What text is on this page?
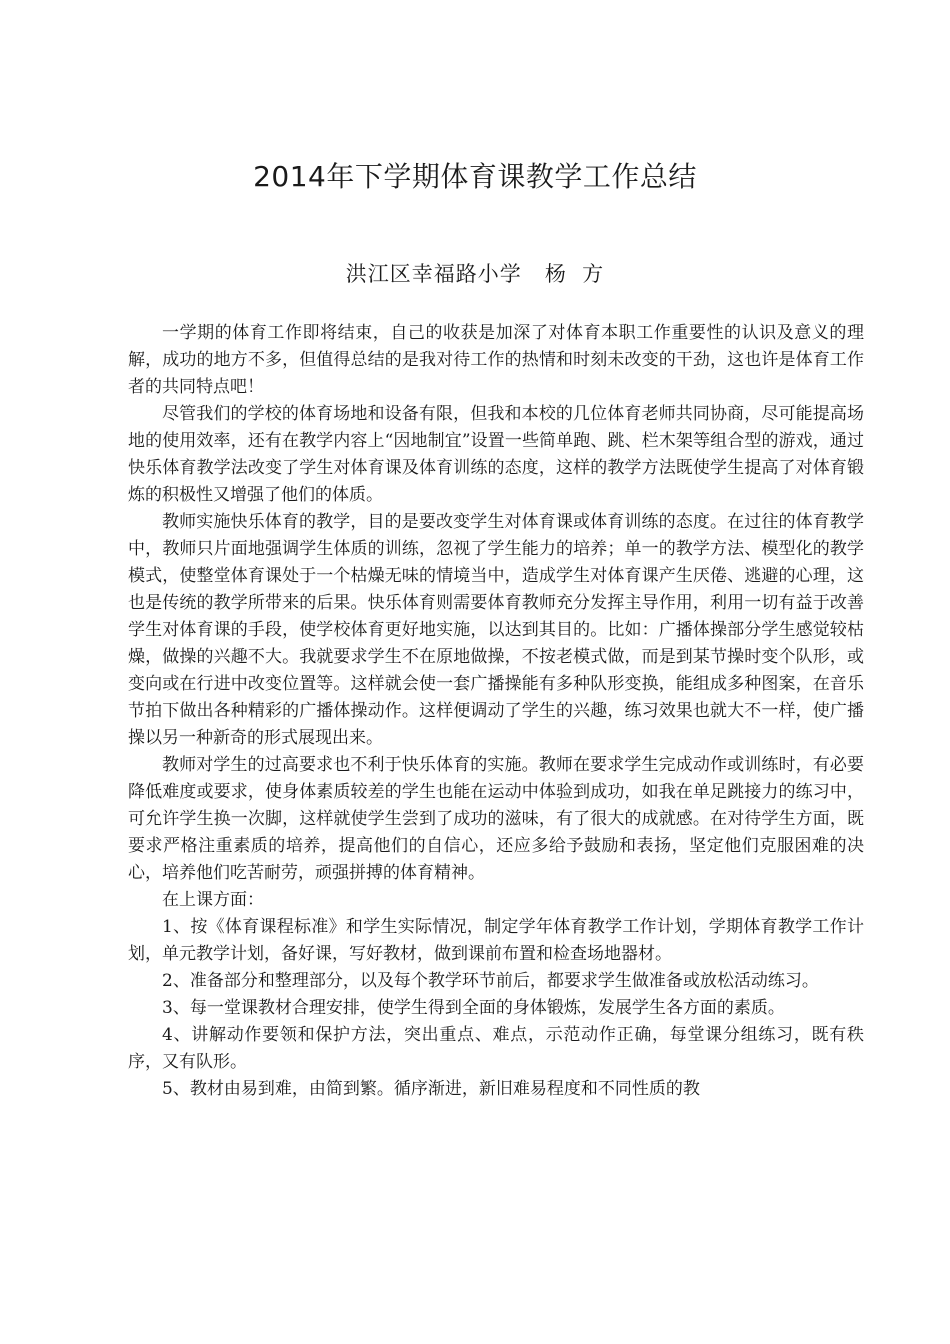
2014年下学期体育课教学工作总结
洪江区幸福路小学   杨  方

一学期的体育工作即将结束，自己的收获是加深了对体育本职工作重要性的认识及意义的理解，成功的地方不多，但值得总结的是我对待工作的热情和时刻未改变的干劲，这也许是体育工作者的共同特点吧！

尽管我们的学校的体育场地和设备有限，但我和本校的几位体育老师共同协商，尽可能提高场地的使用效率，还有在教学内容上“因地制宜”设置一些简单跑、跳、栏木架等组合型的游戏，通过快乐体育教学法改变了学生对体育课及体育训练的态度，这样的教学方法既使学生提高了对体育锻炼的积极性又增强了他们的体质。

教师实施快乐体育的教学，目的是要改变学生对体育课或体育训练的态度。在过往的体育教学中，教师只片面地强调学生体质的训练，忽视了学生能力的培养；单一的教学方法、模型化的教学模式，使整堂体育课处于一个枯燥无味的情境当中，造成学生对体育课产生厌倦、逃避的心理，这也是传统的教学所带来的后果。快乐体育则需要体育教师充分发挥主导作用，利用一切有益于改善学生对体育课的手段，使学校体育更好地实施，以达到其目的。比如：广播体操部分学生感觉较枯燥，做操的兴趣不大。我就要求学生不在原地做操，不按老模式做，而是到某节操时变个队形，或变向或在行进中改变位置等。这样就会使一套广播操能有多种队形变换，能组成多种图案，在音乐节拍下做出各种精彩的广播体操动作。这样便调动了学生的兴趣，练习效果也就大不一样，使广播操以另一种新奇的形式展现出来。

教师对学生的过高要求也不利于快乐体育的实施。教师在要求学生完成动作或训练时，有必要降低难度或要求，使身体素质较差的学生也能在运动中体验到成功，如我在单足跳接力的练习中，可允许学生换一次脚，这样就使学生尝到了成功的滋味，有了很大的成就感。在对待学生方面，既要求严格注重素质的培养，提高他们的自信心，还应多给予鼓励和表扬，坚定他们克服困难的决心，培养他们吃苦耐劳，顽强拼搏的体育精神。

在上课方面：

1、按《体育课程标准》和学生实际情况，制定学年体育教学工作计划，学期体育教学工作计划，单元教学计划，备好课，写好教材，做到课前布置和检查场地器材。

2、准备部分和整理部分，以及每个教学环节前后，都要求学生做准备或放松活动练习。

3、每一堂课教材合理安排，使学生得到全面的身体锻炼，发展学生各方面的素质。

4、讲解动作要领和保护方法，突出重点、难点，示范动作正确，每堂课分组练习，既有秩序，又有队形。

5、教材由易到难，由简到繁。循序渐进，新旧难易程度和不同性质的教
